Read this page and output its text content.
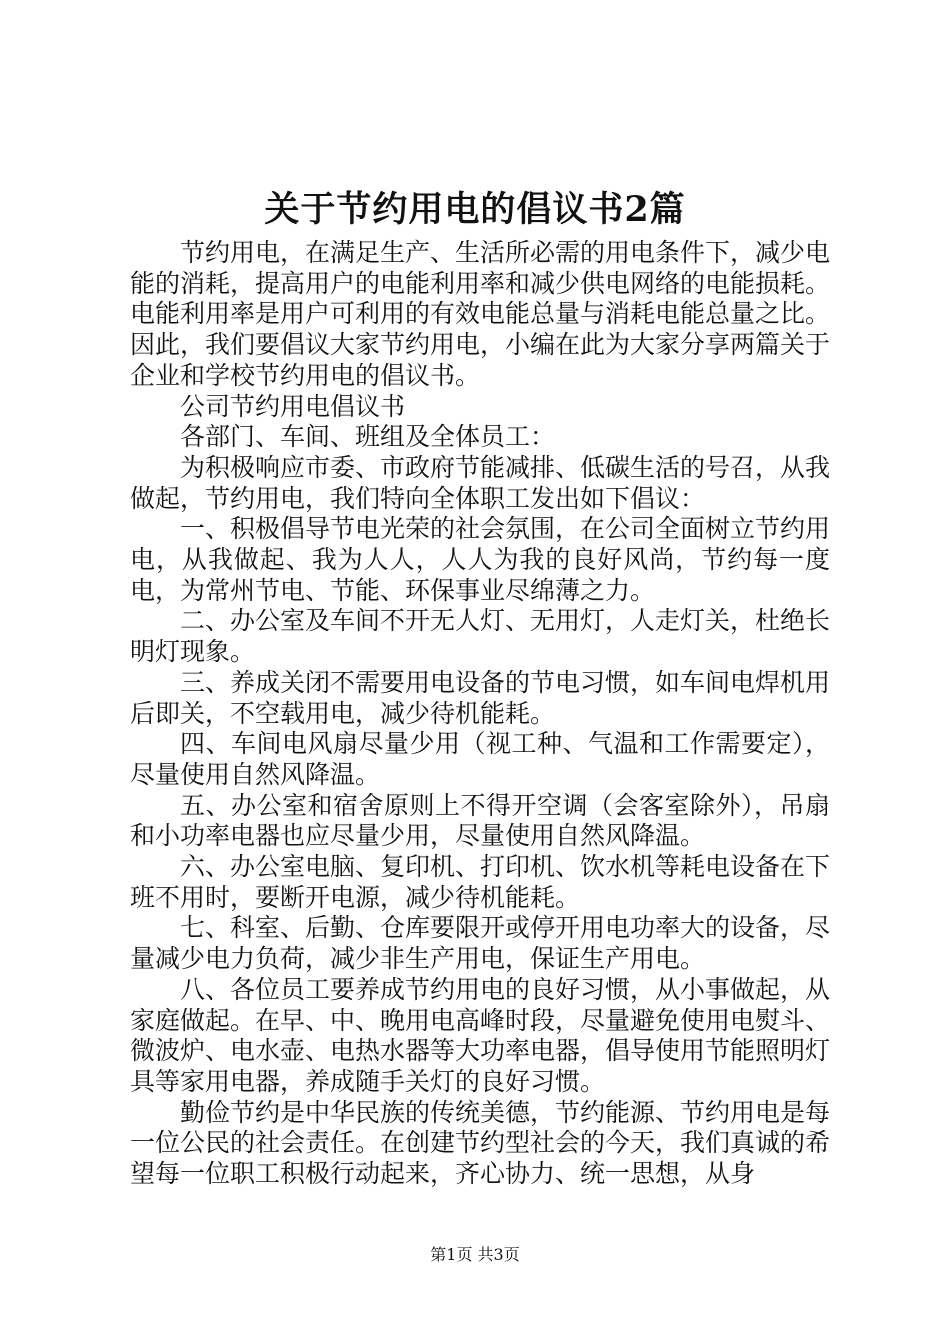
关于节约用电的倡议书2篇

节约用电，在满足生产、生活所必需的用电条件下，减少电能的消耗，提高用户的电能利用率和减少供电网络的电能损耗。电能利用率是用户可利用的有效电能总量与消耗电能总量之比。因此，我们要倡议大家节约用电，小编在此为大家分享两篇关于企业和学校节约用电的倡议书。

公司节约用电倡议书

各部门、车间、班组及全体员工：

为积极响应市委、市政府节能减排、低碳生活的号召，从我做起，节约用电，我们特向全体职工发出如下倡议：

一、积极倡导节电光荣的社会氛围，在公司全面树立节约用电，从我做起、我为人人，人人为我的良好风尚，节约每一度电，为常州节电、节能、环保事业尽绵薄之力。

二、办公室及车间不开无人灯、无用灯，人走灯关，杜绝长明灯现象。

三、养成关闭不需要用电设备的节电习惯，如车间电焊机用后即关，不空载用电，减少待机能耗。

四、车间电风扇尽量少用（视工种、气温和工作需要定），尽量使用自然风降温。

五、办公室和宿舍原则上不得开空调（会客室除外），吊扇和小功率电器也应尽量少用，尽量使用自然风降温。

六、办公室电脑、复印机、打印机、饮水机等耗电设备在下班不用时，要断开电源，减少待机能耗。

七、科室、后勤、仓库要限开或停开用电功率大的设备，尽量减少电力负荷，减少非生产用电，保证生产用电。

八、各位员工要养成节约用电的良好习惯，从小事做起，从家庭做起。在早、中、晚用电高峰时段，尽量避免使用电熨斗、微波炉、电水壶、电热水器等大功率电器，倡导使用节能照明灯具等家用电器，养成随手关灯的良好习惯。

勤俭节约是中华民族的传统美德，节约能源、节约用电是每一位公民的社会责任。在创建节约型社会的今天，我们真诚的希望每一位职工积极行动起来，齐心协力、统一思想，从身

第1页 共3页
